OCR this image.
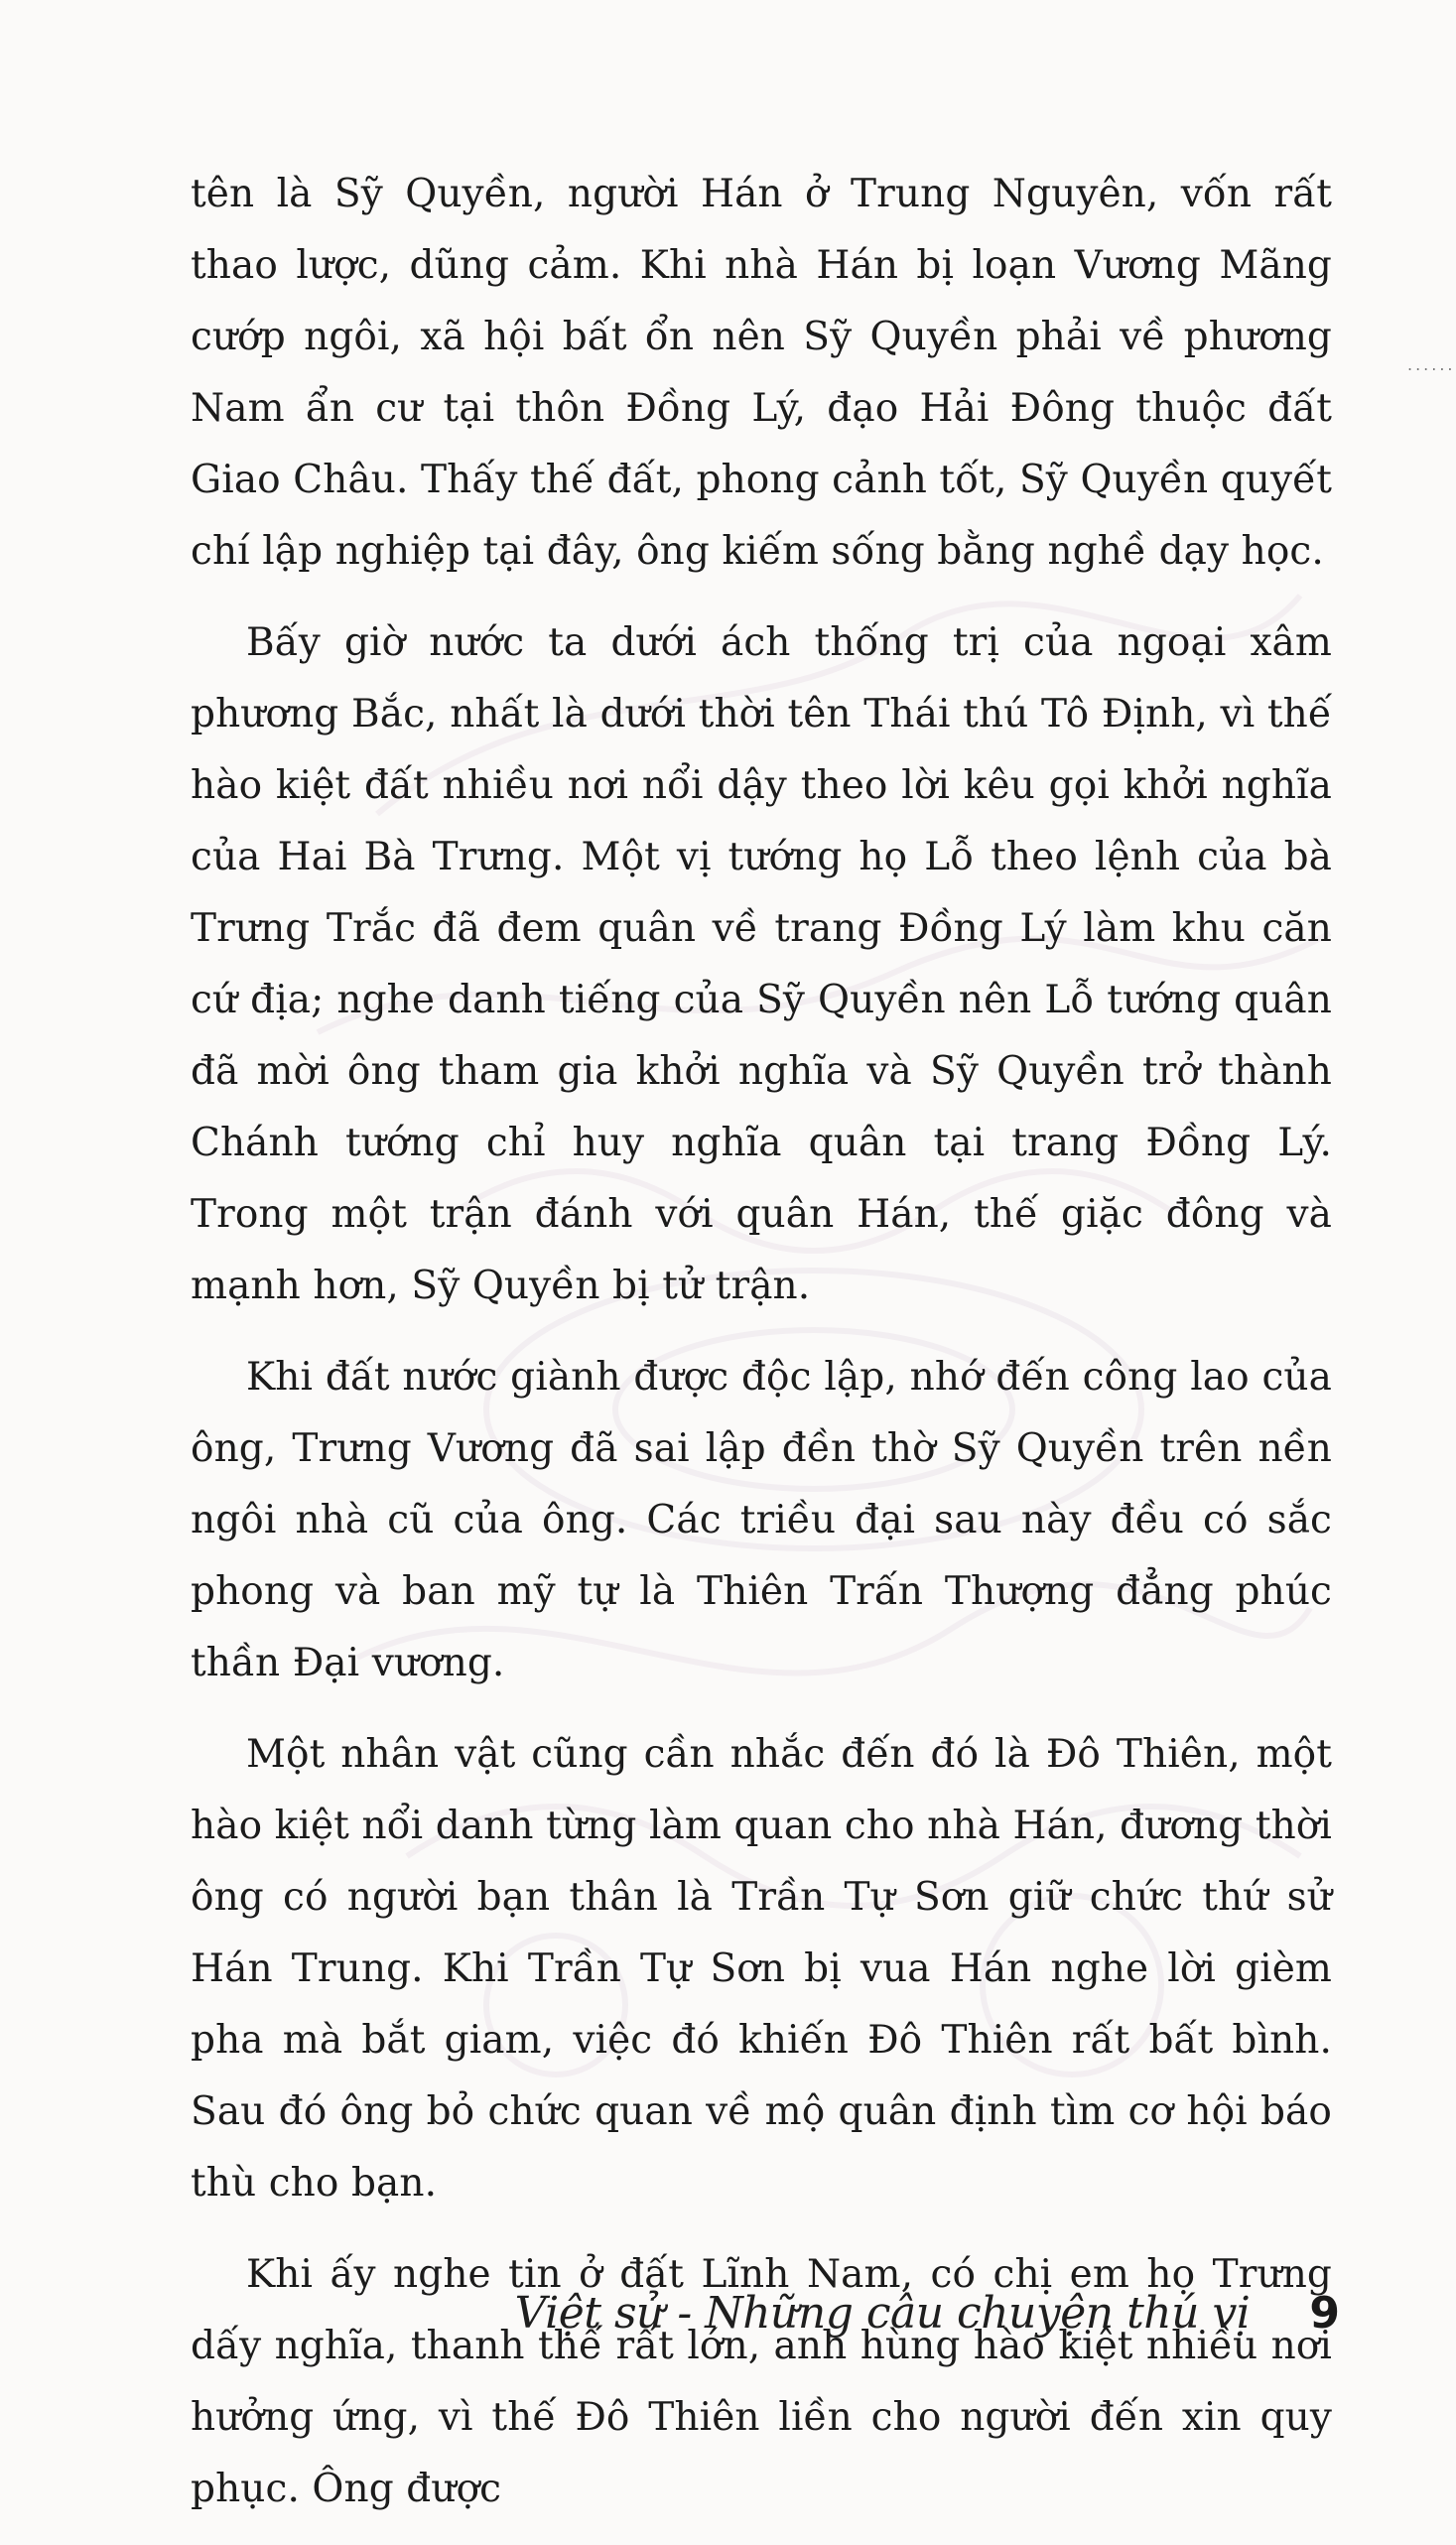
......

tên là Sỹ Quyền, người Hán ở Trung Nguyên, vốn rất thao lược, dũng cảm. Khi nhà Hán bị loạn Vương Mãng cướp ngôi, xã hội bất ổn nên Sỹ Quyền phải về phương Nam ẩn cư tại thôn Đồng Lý, đạo Hải Đông thuộc đất Giao Châu. Thấy thế đất, phong cảnh tốt, Sỹ Quyền quyết chí lập nghiệp tại đây, ông kiếm sống bằng nghề dạy học.

Bấy giờ nước ta dưới ách thống trị của ngoại xâm phương Bắc, nhất là dưới thời tên Thái thú Tô Định, vì thế hào kiệt đất nhiều nơi nổi dậy theo lời kêu gọi khởi nghĩa của Hai Bà Trưng. Một vị tướng họ Lỗ theo lệnh của bà Trưng Trắc đã đem quân về trang Đồng Lý làm khu căn cứ địa; nghe danh tiếng của Sỹ Quyền nên Lỗ tướng quân đã mời ông tham gia khởi nghĩa và Sỹ Quyền trở thành Chánh tướng chỉ huy nghĩa quân tại trang Đồng Lý. Trong một trận đánh với quân Hán, thế giặc đông và mạnh hơn, Sỹ Quyền bị tử trận.

Khi đất nước giành được độc lập, nhớ đến công lao của ông, Trưng Vương đã sai lập đền thờ Sỹ Quyền trên nền ngôi nhà cũ của ông. Các triều đại sau này đều có sắc phong và ban mỹ tự là Thiên Trấn Thượng đẳng phúc thần Đại vương.

Một nhân vật cũng cần nhắc đến đó là Đô Thiên, một hào kiệt nổi danh từng làm quan cho nhà Hán, đương thời ông có người bạn thân là Trần Tự Sơn giữ chức thứ sử Hán Trung. Khi Trần Tự Sơn bị vua Hán nghe lời gièm pha mà bắt giam, việc đó khiến Đô Thiên rất bất bình. Sau đó ông bỏ chức quan về mộ quân định tìm cơ hội báo thù cho bạn.

Khi ấy nghe tin ở đất Lĩnh Nam, có chị em họ Trưng dấy nghĩa, thanh thế rất lớn, anh hùng hào kiệt nhiều nơi hưởng ứng, vì thế Đô Thiên liền cho người đến xin quy phục. Ông được

Việt sử - Những câu chuyện thú vị 9
